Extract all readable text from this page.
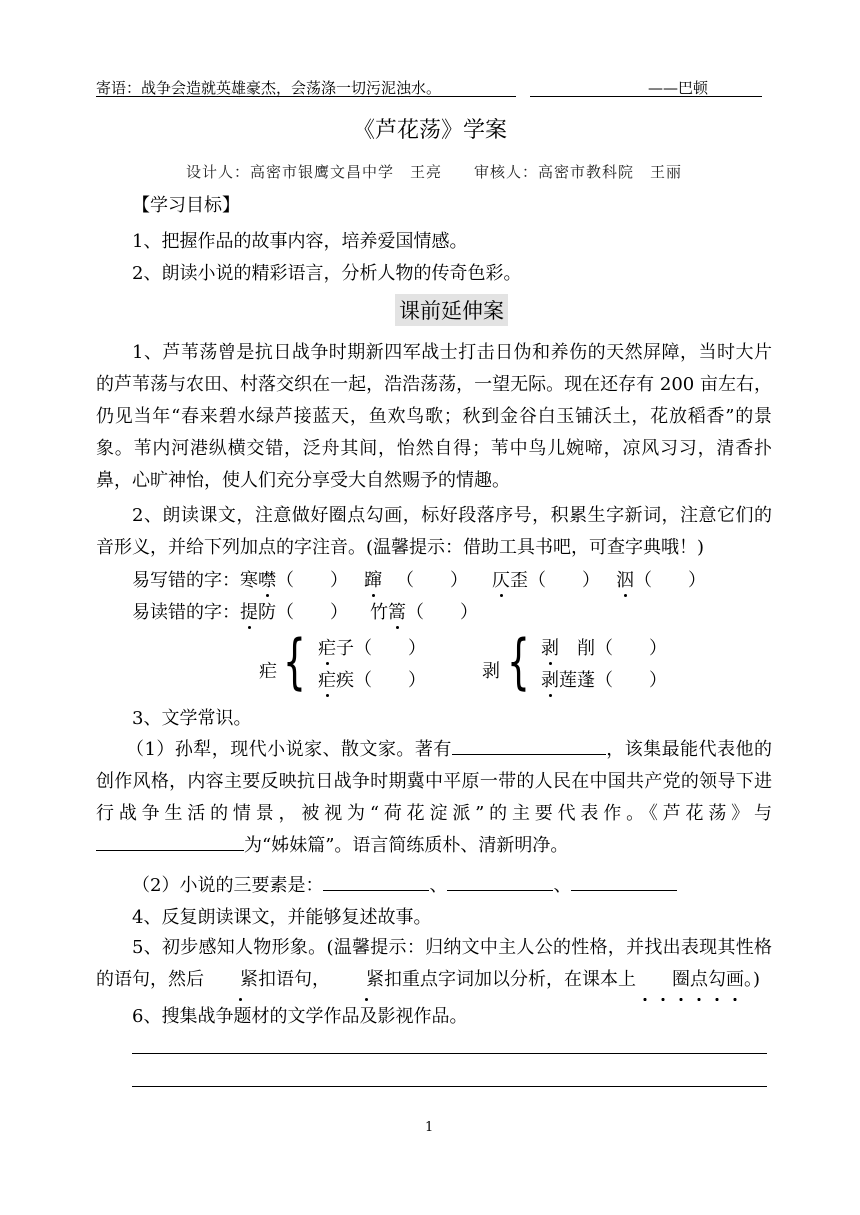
寄语：战争会造就英雄豪杰，会荡涤一切污泥浊水。	——巴顿
《芦花荡》学案
设计人：高密市银鹰文昌中学　王亮　　审核人：高密市教科院　王丽
【学习目标】
1、把握作品的故事内容，培养爱国情感。
2、朗读小说的精彩语言，分析人物的传奇色彩。
课前延伸案
1、芦苇荡曾是抗日战争时期新四军战士打击日伪和养伤的天然屏障，当时大片的芦苇荡与农田、村落交织在一起，浩浩荡荡，一望无际。现在还存有 200 亩左右，仍见当年“春来碧水绿芦接蓝天，鱼欢鸟歌；秋到金谷白玉铺沃土，花放稻香”的景象。苇内河港纵横交错，泛舟其间，怡然自得；苇中鸟儿婉啼，凉风习习，清香扑鼻，心旷神怡，使人们充分享受大自然赐予的情趣。
2、朗读课文，注意做好圈点勾画，标好段落序号，积累生字新词，注意它们的音形义，并给下列加点的字注音。(温馨提示：借助工具书吧，可查字典哦！)
易写错的字：寒噤（　　） 蹿 （　　） 仄歪（　　） 泅（　　）
易读错的字：提防（　　） 竹篙（　　）
疟 { 疟子（　　）
疟疾（　　）	剥 { 剥　削（　　）
剥莲蓬（　　）
3、文学常识。
（1）孙犁，现代小说家、散文家。著有	，该集最能代表他的创作风格，内容主要反映抗日战争时期冀中平原一带的人民在中国共产党的领导下进行战争生活的情景，被视为“荷花淀派”的主要代表作。《芦花荡》与为“姊妹篇”。语言简练质朴、清新明净。
（2）小说的三要素是：	、	、
4、反复朗读课文，并能够复述故事。
5、初步感知人物形象。(温馨提示：归纳文中主人公的性格，并找出表现其性格的语句，然后 紧扣语句， 紧扣重点字词加以分析，在课本上 圈点勾画
。)
6、搜集战争题材的文学作品及影视作品。
1
